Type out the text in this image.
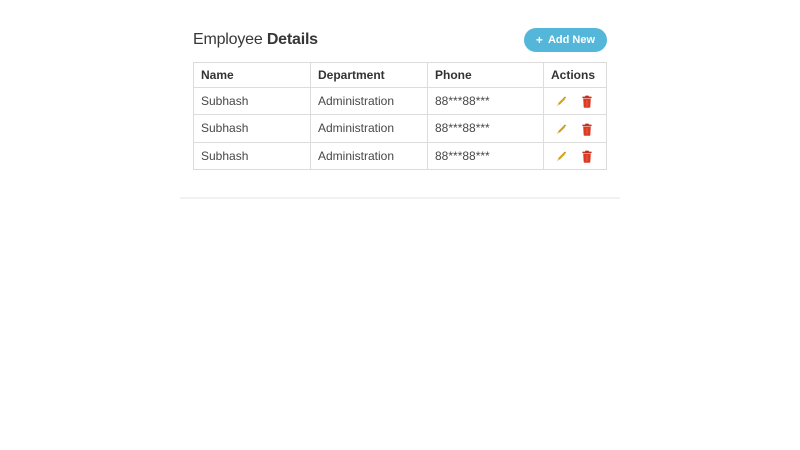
Employee Details	+ Add New
Name	Department	Phone	Actions
Subhash	Administration	88***88***	
Subhash	Administration	88***88***	
Subhash	Administration	88***88***	
